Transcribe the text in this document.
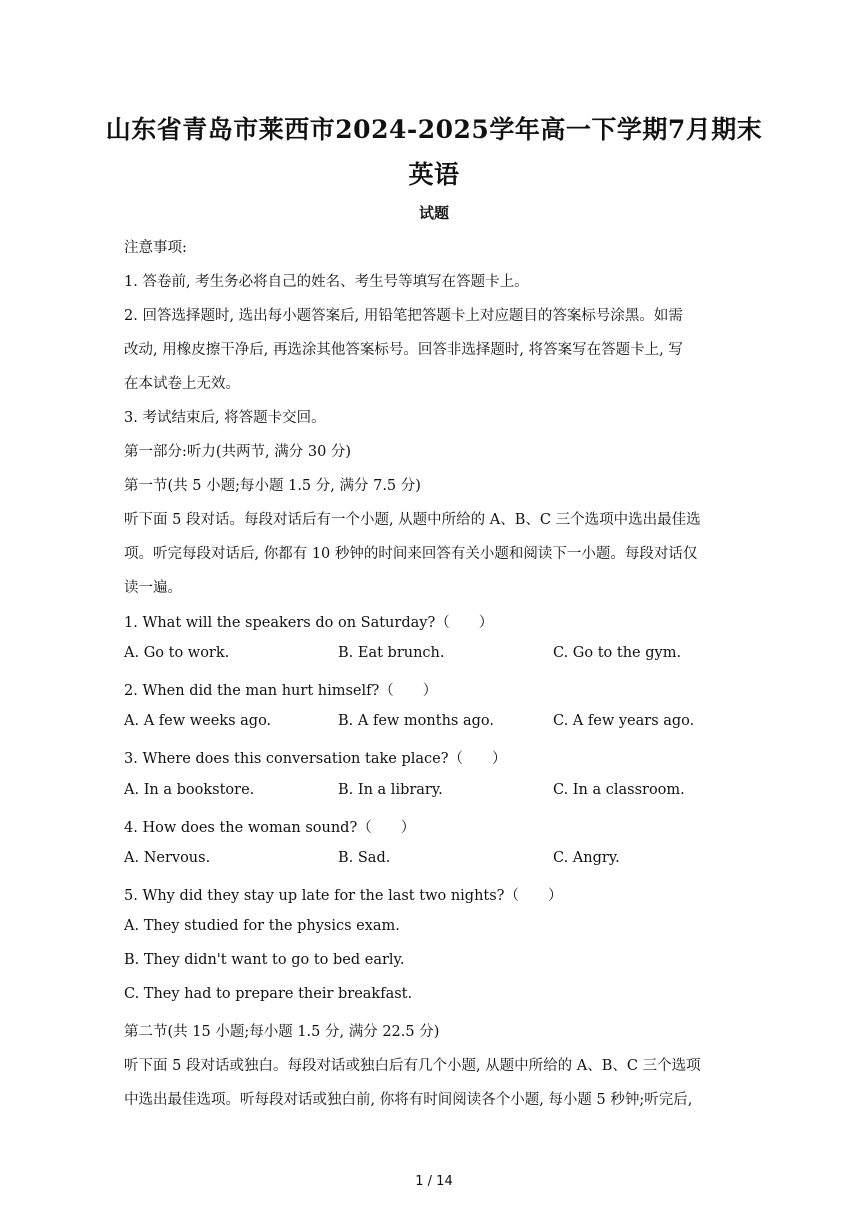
山东省青岛市莱西市2024-2025学年高一下学期7月期末
英语
试题
注意事项:
1. 答卷前, 考生务必将自己的姓名、考生号等填写在答题卡上。
2. 回答选择题时, 选出每小题答案后, 用铅笔把答题卡上对应题目的答案标号涂黑。如需
改动, 用橡皮擦干净后, 再选涂其他答案标号。回答非选择题时, 将答案写在答题卡上, 写
在本试卷上无效。
3. 考试结束后, 将答题卡交回。
第一部分:听力(共两节, 满分 30 分)
第一节(共 5 小题;每小题 1.5 分, 满分 7.5 分)
听下面 5 段对话。每段对话后有一个小题, 从题中所给的 A、B、C 三个选项中选出最佳选
项。听完每段对话后, 你都有 10 秒钟的时间来回答有关小题和阅读下一小题。每段对话仅
读一遍。
1. What will the speakers do on Saturday?（　　）
A. Go to work.	B. Eat brunch.	C. Go to the gym.
2. When did the man hurt himself?（　　）
A. A few weeks ago.	B. A few months ago.	C. A few years ago.
3. Where does this conversation take place?（　　）
A. In a bookstore.	B. In a library.	C. In a classroom.
4. How does the woman sound?（　　）
A. Nervous.	B. Sad.	C. Angry.
5. Why did they stay up late for the last two nights?（　　）
A. They studied for the physics exam.
B. They didn't want to go to bed early.
C. They had to prepare their breakfast.
第二节(共 15 小题;每小题 1.5 分, 满分 22.5 分)
听下面 5 段对话或独白。每段对话或独白后有几个小题, 从题中所给的 A、B、C 三个选项
中选出最佳选项。听每段对话或独白前, 你将有时间阅读各个小题, 每小题 5 秒钟;听完后,
1 / 14
